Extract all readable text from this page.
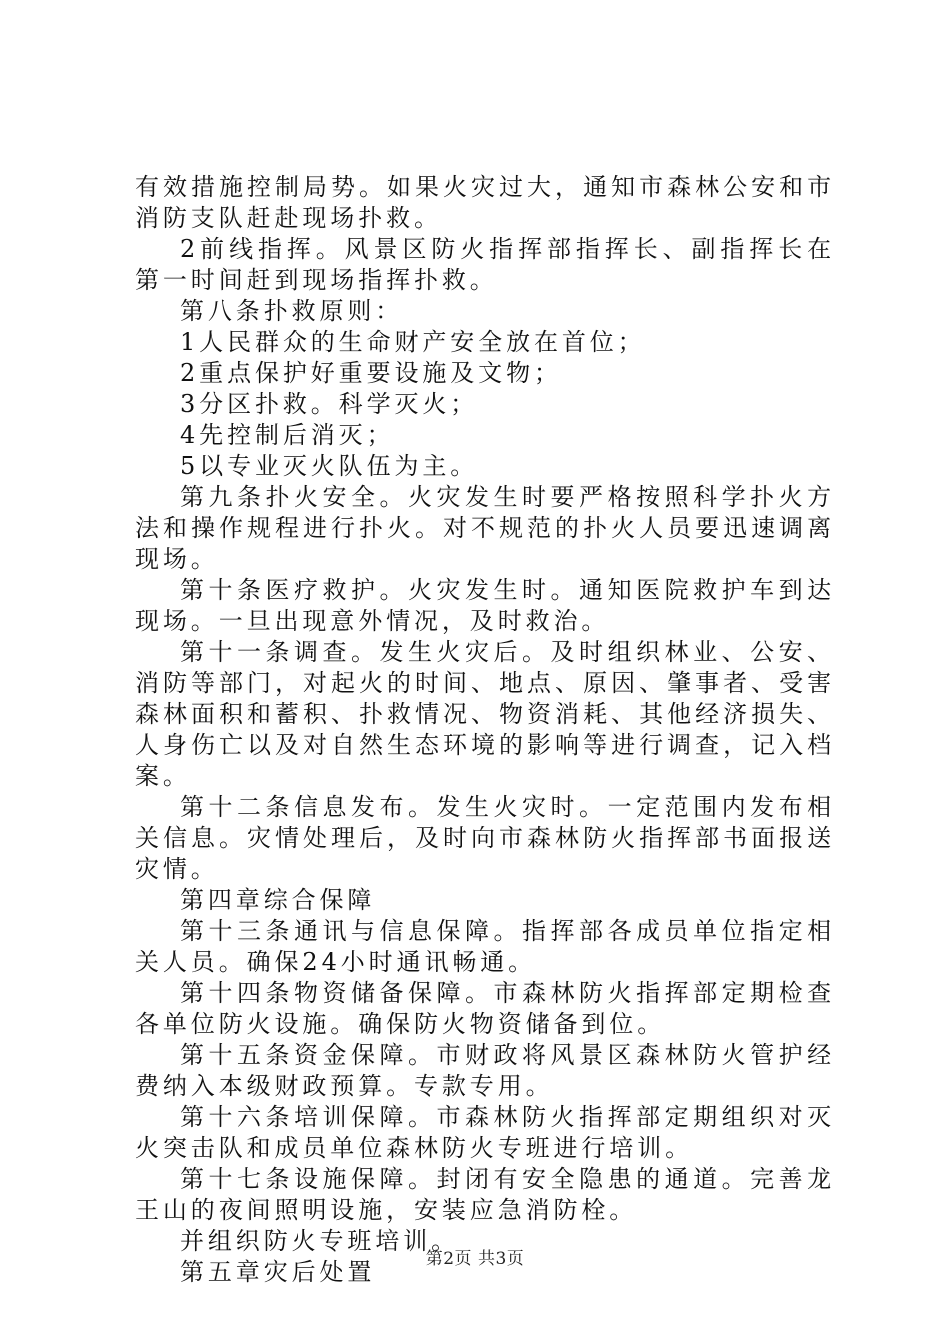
有效措施控制局势。如果火灾过大，通知市森林公安和市消防支队赶赴现场扑救。

2前线指挥。风景区防火指挥部指挥长、副指挥长在第一时间赶到现场指挥扑救。

第八条扑救原则：

1人民群众的生命财产安全放在首位；

2重点保护好重要设施及文物；

3分区扑救。科学灭火；

4先控制后消灭；

5以专业灭火队伍为主。

第九条扑火安全。火灾发生时要严格按照科学扑火方法和操作规程进行扑火。对不规范的扑火人员要迅速调离现场。

第十条医疗救护。火灾发生时。通知医院救护车到达现场。一旦出现意外情况，及时救治。

第十一条调查。发生火灾后。及时组织林业、公安、消防等部门，对起火的时间、地点、原因、肇事者、受害森林面积和蓄积、扑救情况、物资消耗、其他经济损失、人身伤亡以及对自然生态环境的影响等进行调查，记入档案。

第十二条信息发布。发生火灾时。一定范围内发布相关信息。灾情处理后，及时向市森林防火指挥部书面报送灾情。

第四章综合保障

第十三条通讯与信息保障。指挥部各成员单位指定相关人员。确保24小时通讯畅通。

第十四条物资储备保障。市森林防火指挥部定期检查各单位防火设施。确保防火物资储备到位。

第十五条资金保障。市财政将风景区森林防火管护经费纳入本级财政预算。专款专用。

第十六条培训保障。市森林防火指挥部定期组织对灭火突击队和成员单位森林防火专班进行培训。

第十七条设施保障。封闭有安全隐患的通道。完善龙王山的夜间照明设施，安装应急消防栓。

并组织防火专班培训。

第五章灾后处置	第2页 共3页
